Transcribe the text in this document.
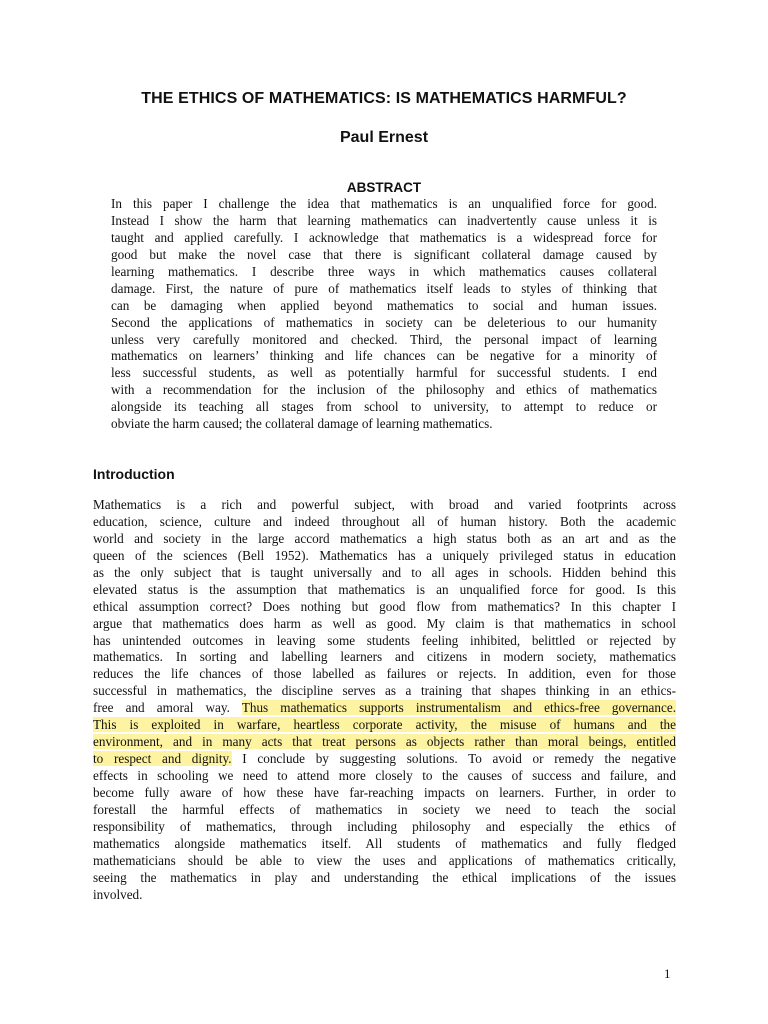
THE ETHICS OF MATHEMATICS: IS MATHEMATICS HARMFUL?
Paul Ernest
ABSTRACT
In this paper I challenge the idea that mathematics is an unqualified force for good.
Instead I show the harm that learning mathematics can inadvertently cause unless it is
taught and applied carefully. I acknowledge that mathematics is a widespread force for
good but make the novel case that there is significant collateral damage caused by
learning mathematics. I describe three ways in which mathematics causes collateral
damage. First, the nature of pure of mathematics itself leads to styles of thinking that
can be damaging when applied beyond mathematics to social and human issues.
Second the applications of mathematics in society can be deleterious to our humanity
unless very carefully monitored and checked. Third, the personal impact of learning
mathematics on learners’ thinking and life chances can be negative for a minority of
less successful students, as well as potentially harmful for successful students. I end
with a recommendation for the inclusion of the philosophy and ethics of mathematics
alongside its teaching all stages from school to university, to attempt to reduce or
obviate the harm caused; the collateral damage of learning mathematics.
Introduction
Mathematics is a rich and powerful subject, with broad and varied footprints across
education, science, culture and indeed throughout all of human history. Both the academic
world and society in the large accord mathematics a high status both as an art and as the
queen of the sciences (Bell 1952). Mathematics has a uniquely privileged status in education
as the only subject that is taught universally and to all ages in schools. Hidden behind this
elevated status is the assumption that mathematics is an unqualified force for good. Is this
ethical assumption correct? Does nothing but good flow from mathematics? In this chapter I
argue that mathematics does harm as well as good. My claim is that mathematics in school
has unintended outcomes in leaving some students feeling inhibited, belittled or rejected by
mathematics. In sorting and labelling learners and citizens in modern society, mathematics
reduces the life chances of those labelled as failures or rejects. In addition, even for those
successful in mathematics, the discipline serves as a training that shapes thinking in an ethics-
free and amoral way. Thus mathematics supports instrumentalism and ethics-free governance.
This is exploited in warfare, heartless corporate activity, the misuse of humans and the
environment, and in many acts that treat persons as objects rather than moral beings, entitled
to respect and dignity. I conclude by suggesting solutions. To avoid or remedy the negative
effects in schooling we need to attend more closely to the causes of success and failure, and
become fully aware of how these have far-reaching impacts on learners. Further, in order to
forestall the harmful effects of mathematics in society we need to teach the social
responsibility of mathematics, through including philosophy and especially the ethics of
mathematics alongside mathematics itself. All students of mathematics and fully fledged
mathematicians should be able to view the uses and applications of mathematics critically,
seeing the mathematics in play and understanding the ethical implications of the issues
involved.
1
